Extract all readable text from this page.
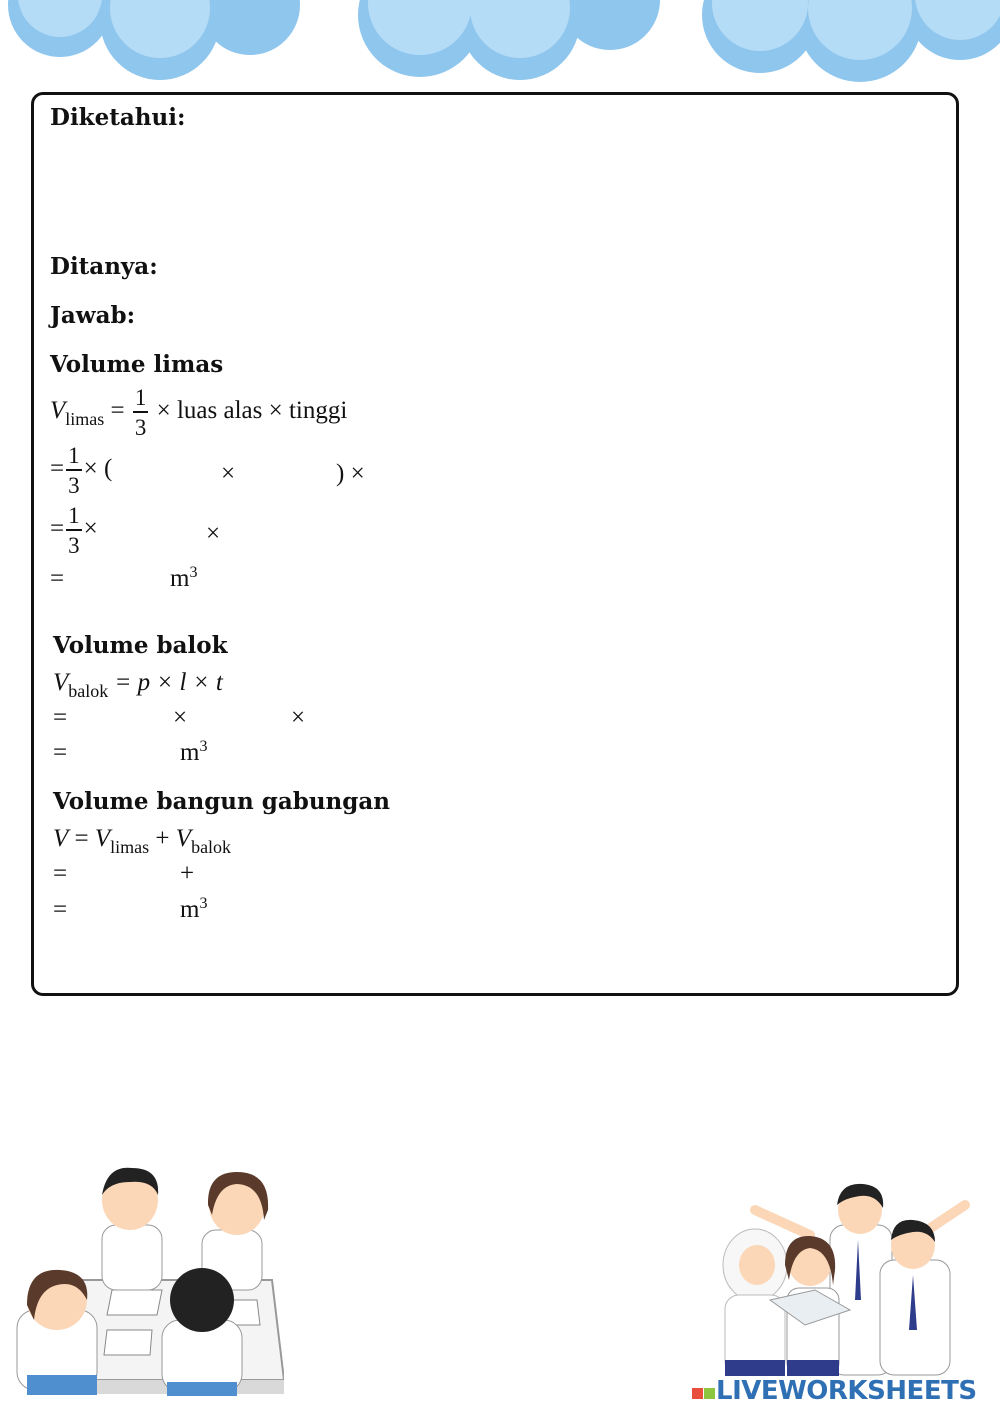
Diketahui:
Ditanya:
Jawab:
Volume limas
$V_{limas} = \frac{1}{3}$ × luas alas × tinggi
= $\frac{1}{3}$ × (	×	) ×
= $\frac{1}{3}$ ×	×
=	$m^3$
Volume balok
$V_{balok} = p \times l \times t$
=	×	×
=	$m^3$
Volume bangun gabungan
$V = V_{limas} + V_{balok}$
=	+
=	$m^3$
LIVEWORKSHEETS
